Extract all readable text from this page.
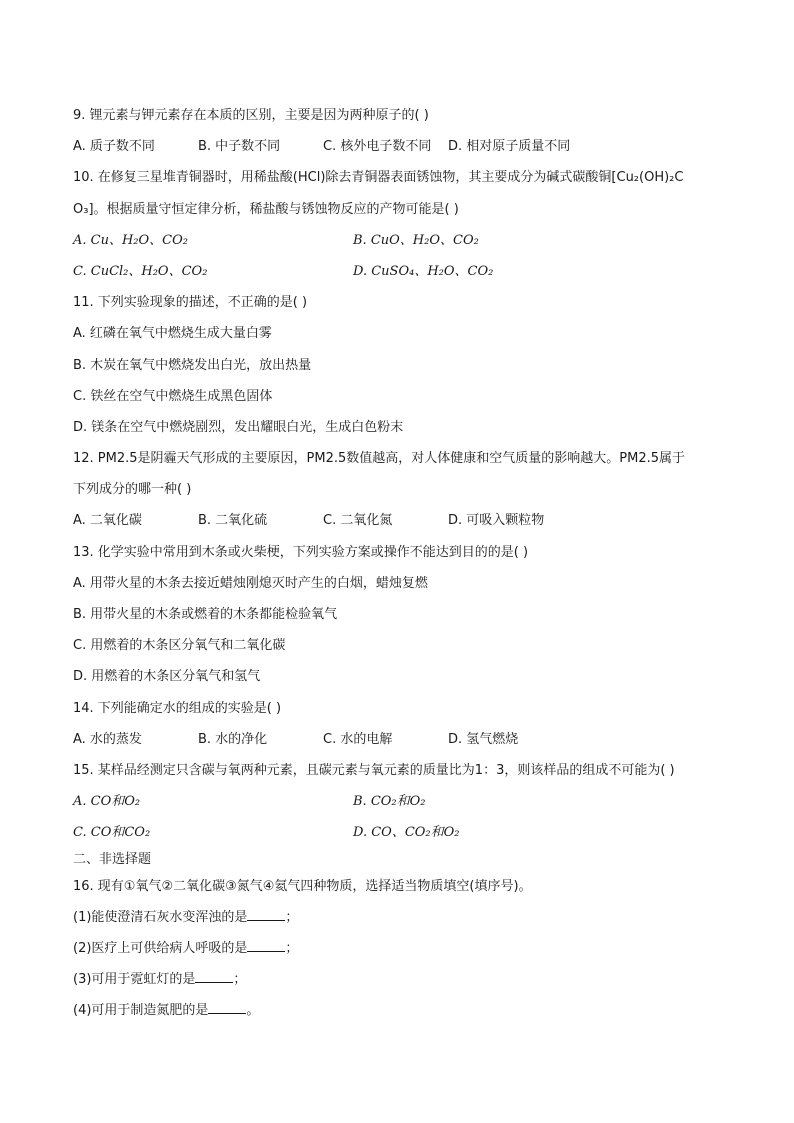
9. 锂元素与钾元素存在本质的区别，主要是因为两种原子的( )
A. 质子数不同	B. 中子数不同	C. 核外电子数不同	D. 相对原子质量不同
10. 在修复三星堆青铜器时，用稀盐酸(HCl)除去青铜器表面锈蚀物，其主要成分为碱式碳酸铜[Cu₂(OH)₂C
O₃]。根据质量守恒定律分析，稀盐酸与锈蚀物反应的产物可能是( )
A. Cu、H₂O、CO₂	B. CuO、H₂O、CO₂
C. CuCl₂、H₂O、CO₂	D. CuSO₄、H₂O、CO₂
11. 下列实验现象的描述，不正确的是( )
A. 红磷在氧气中燃烧生成大量白雾
B. 木炭在氧气中燃烧发出白光，放出热量
C. 铁丝在空气中燃烧生成黑色固体
D. 镁条在空气中燃烧剧烈，发出耀眼白光，生成白色粉末
12. PM2.5是阴霾天气形成的主要原因，PM2.5数值越高，对人体健康和空气质量的影响越大。PM2.5属于
下列成分的哪一种( )
A. 二氧化碳	B. 二氧化硫	C. 二氧化氮	D. 可吸入颗粒物
13. 化学实验中常用到木条或火柴梗，下列实验方案或操作不能达到目的的是( )
A. 用带火星的木条去接近蜡烛刚熄灭时产生的白烟，蜡烛复燃
B. 用带火星的木条或燃着的木条都能检验氧气
C. 用燃着的木条区分氧气和二氧化碳
D. 用燃着的木条区分氧气和氢气
14. 下列能确定水的组成的实验是( )
A. 水的蒸发	B. 水的净化	C. 水的电解	D. 氢气燃烧
15. 某样品经测定只含碳与氧两种元素，且碳元素与氧元素的质量比为1：3，则该样品的组成不可能为( )
A. CO和O₂	B. CO₂和O₂
C. CO和CO₂	D. CO、CO₂和O₂
二、非选择题
16. 现有①氧气②二氧化碳③氮气④氦气四种物质，选择适当物质填空(填序号)。
(1)能使澄清石灰水变浑浊的是	；
(2)医疗上可供给病人呼吸的是	；
(3)可用于霓虹灯的是	；
(4)可用于制造氮肥的是	。
